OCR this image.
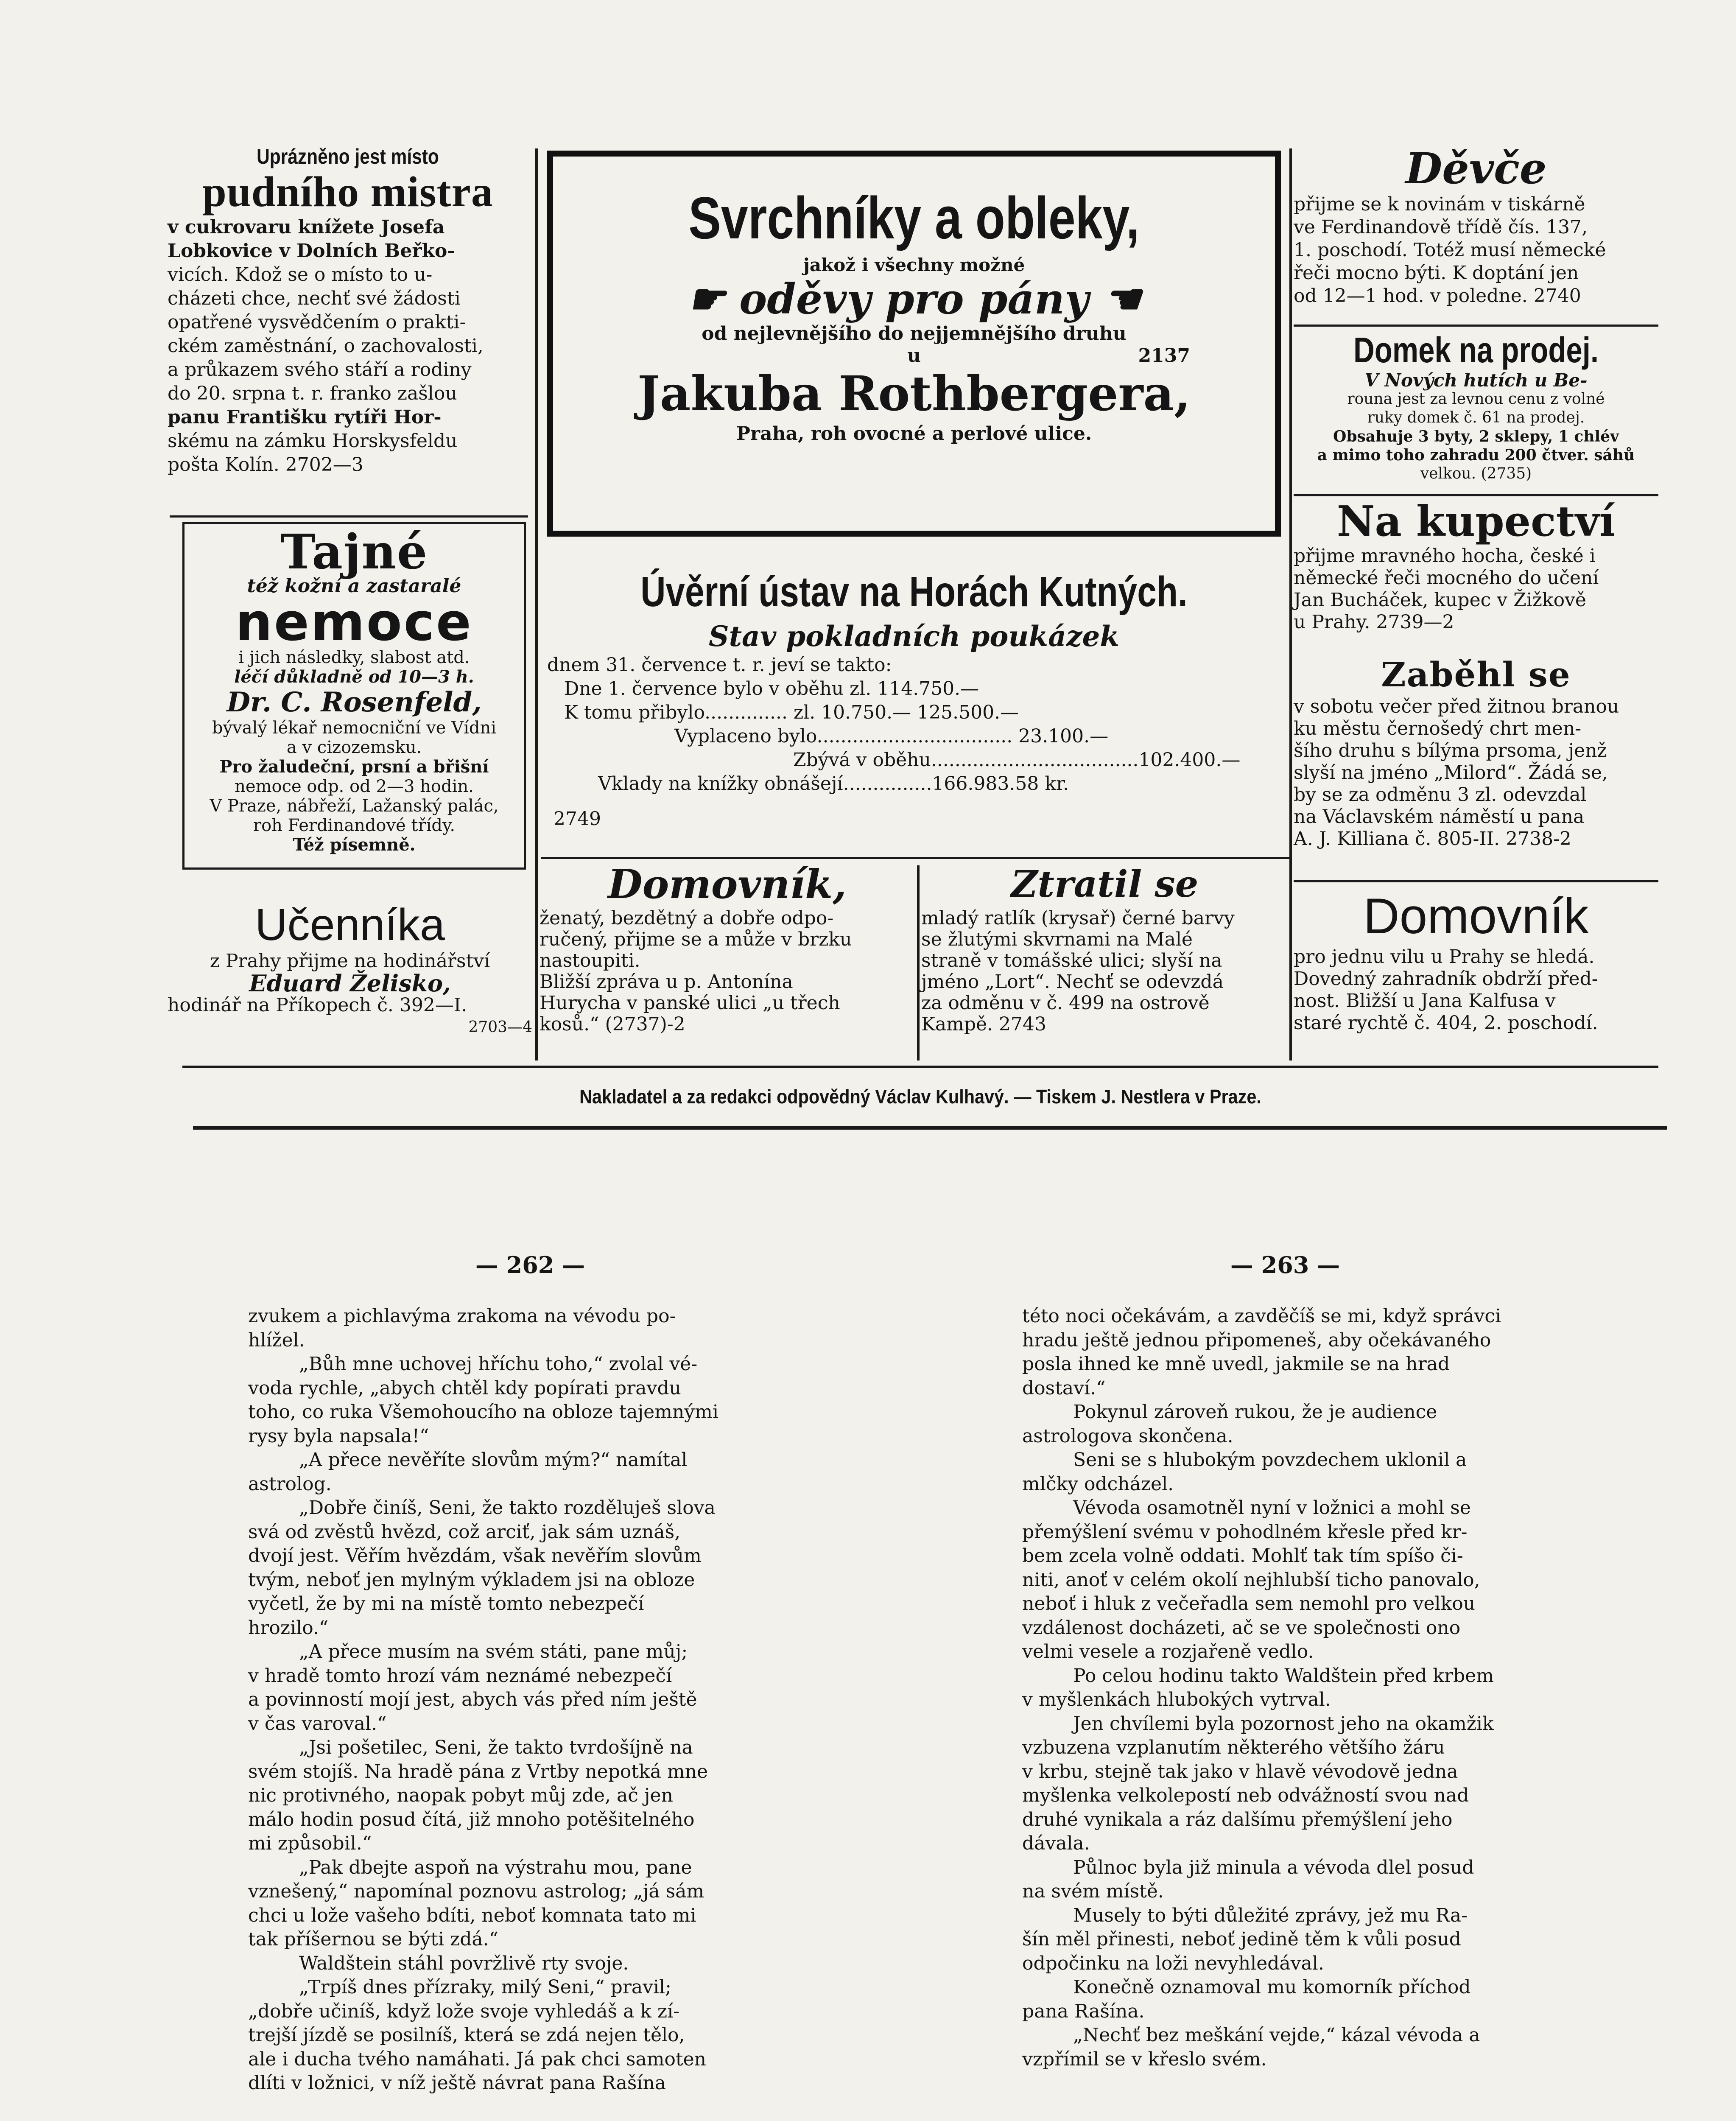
Uprázněno jest místo
pudního mistra
v cukrovaru knížete Josefa
Lobkovice v Dolních Beřko-
vicích. Kdož se o místo to u-
cházeti chce, nechť své žádosti
opatřené vysvědčením o prakti-
ckém zaměstnání, o zachovalosti,
a průkazem svého stáří a rodiny
do 20. srpna t. r. franko zašlou
panu Františku rytíři Hor-
skému na zámku Horskysfeldu
pošta Kolín. 2702—3
Tajné
též kožní a zastaralé
nemoce
i jich následky, slabost atd.
léčí důkladně od 10—3 h.
Dr. C. Rosenfeld,
bývalý lékař nemocniční ve Vídni
a v cizozemsku.
Pro žaludeční, prsní a břišní
nemoce odp. od 2—3 hodin.
V Praze, nábřeží, Lažanský palác,
roh Ferdinandové třídy.
Též písemně.
Učenníka
z Prahy přijme na hodinářství
Eduard Želisko,
hodinář na Příkopech č. 392—I.
2703—4
Svrchníky a obleky,
jakož i všechny možné
☛ oděvy pro pány ☚
od nejlevnějšího do nejjemnějšího druhu
u	2137
Jakuba Rothbergera,
Praha, roh ovocné a perlové ulice.
Úvěrní ústav na Horách Kutných.
Stav pokladních poukázek
dnem 31. července t. r. jeví se takto:
Dne 1. července bylo v oběhu zl. 114.750.—
K tomu přibylo.............. zl. 10.750.— 125.500.—
Vyplaceno bylo................................. 23.100.—
Zbývá v oběhu...................................102.400.—
Vklady na knížky obnášejí...............166.983.58 kr.
2749
Domovník,
ženatý, bezdětný a dobře odpo-
ručený, přijme se a může v brzku
nastoupiti.
Bližší zpráva u p. Antonína
Hurycha v panské ulici „u třech
kosů.“ (2737)-2
Ztratil se
mladý ratlík (krysař) černé barvy
se žlutými skvrnami na Malé
straně v tomášské ulici; slyší na
jméno „Lort“. Nechť se odevzdá
za odměnu v č. 499 na ostrově
Kampě. 2743
Děvče
přijme se k novinám v tiskárně
ve Ferdinandově třídě čís. 137,
1. poschodí. Totéž musí německé
řeči mocno býti. K doptání jen
od 12—1 hod. v poledne. 2740
Domek na prodej.
V Nových hutích u Be-
rouna jest za levnou cenu z volné
ruky domek č. 61 na prodej.
Obsahuje 3 byty, 2 sklepy, 1 chlév
a mimo toho zahradu 200 čtver. sáhů
velkou. (2735)
Na kupectví
přijme mravného hocha, české i
německé řeči mocného do učení
Jan Bucháček, kupec v Žižkově
u Prahy. 2739—2
Zaběhl se
v sobotu večer před žitnou branou
ku městu černošedý chrt men-
šího druhu s bílýma prsoma, jenž
slyší na jméno „Milord“. Žádá se,
by se za odměnu 3 zl. odevzdal
na Václavském náměstí u pana
A. J. Killiana č. 805-II. 2738-2
Domovník
pro jednu vilu u Prahy se hledá.
Dovedný zahradník obdrží před-
nost. Bližší u Jana Kalfusa v
staré rychtě č. 404, 2. poschodí.
Nakladatel a za redakci odpovědný Václav Kulhavý. — Tiskem J. Nestlera v Praze.
— 262 —	— 263 —
zvukem a pichlavýma zrakoma na vévodu po-
hlížel.
„Bůh mne uchovej hříchu toho,“ zvolal vé-
voda rychle, „abych chtěl kdy popírati pravdu
toho, co ruka Všemohoucího na obloze tajemnými
rysy byla napsala!“
„A přece nevěříte slovům mým?“ namítal
astrolog.
„Dobře činíš, Seni, že takto rozděluješ slova
svá od zvěstů hvězd, což arciť, jak sám uznáš,
dvojí jest. Věřím hvězdám, však nevěřím slovům
tvým, neboť jen mylným výkladem jsi na obloze
vyčetl, že by mi na místě tomto nebezpečí
hrozilo.“
„A přece musím na svém státi, pane můj;
v hradě tomto hrozí vám neznámé nebezpečí
a povinností mojí jest, abych vás před ním ještě
v čas varoval.“
„Jsi pošetilec, Seni, že takto tvrdošíjně na
svém stojíš. Na hradě pána z Vrtby nepotká mne
nic protivného, naopak pobyt můj zde, ač jen
málo hodin posud čítá, již mnoho potěšitelného
mi způsobil.“
„Pak dbejte aspoň na výstrahu mou, pane
vznešený,“ napomínal poznovu astrolog; „já sám
chci u lože vašeho bdíti, neboť komnata tato mi
tak příšernou se býti zdá.“
Waldštein stáhl povržlivě rty svoje.
„Trpíš dnes přízraky, milý Seni,“ pravil;
„dobře učiníš, když lože svoje vyhledáš a k zí-
trejší jízdě se posilníš, která se zdá nejen tělo,
ale i ducha tvého namáhati. Já pak chci samoten
dlíti v ložnici, v níž ještě návrat pana Rašína
této noci očekávám, a zavděčíš se mi, když správci
hradu ještě jednou připomeneš, aby očekávaného
posla ihned ke mně uvedl, jakmile se na hrad
dostaví.“
Pokynul zároveň rukou, že je audience
astrologova skončena.
Seni se s hlubokým povzdechem uklonil a
mlčky odcházel.
Vévoda osamotněl nyní v ložnici a mohl se
přemýšlení svému v pohodlném křesle před kr-
bem zcela volně oddati. Mohlť tak tím spíšo či-
niti, anoť v celém okolí nejhlubší ticho panovalo,
neboť i hluk z večeřadla sem nemohl pro velkou
vzdálenost docházeti, ač se ve společnosti ono
velmi vesele a rozjařeně vedlo.
Po celou hodinu takto Waldštein před krbem
v myšlenkách hlubokých vytrval.
Jen chvílemi byla pozornost jeho na okamžik
vzbuzena vzplanutím některého většího žáru
v krbu, stejně tak jako v hlavě vévodově jedna
myšlenka velkolepostí neb odvážností svou nad
druhé vynikala a ráz dalšímu přemýšlení jeho
dávala.
Půlnoc byla již minula a vévoda dlel posud
na svém místě.
Musely to býti důležité zprávy, jež mu Ra-
šín měl přinesti, neboť jedině těm k vůli posud
odpočinku na loži nevyhledával.
Konečně oznamoval mu komorník příchod
pana Rašína.
„Nechť bez meškání vejde,“ kázal vévoda a
vzpřímil se v křeslo svém.
